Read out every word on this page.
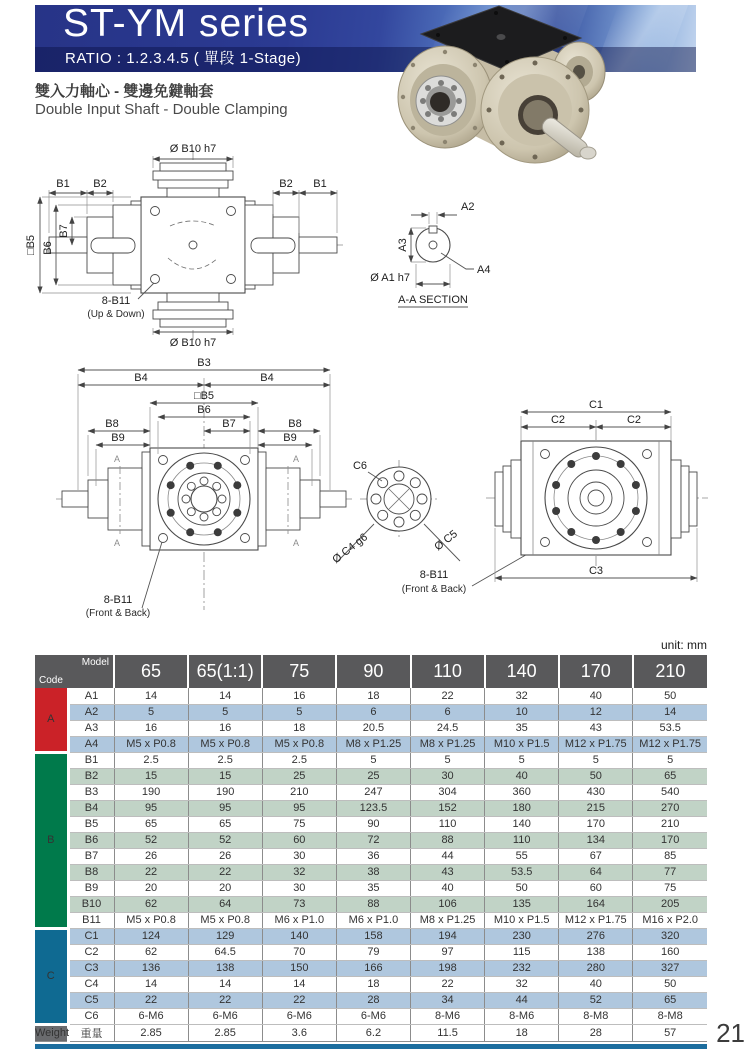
ST-YM series
RATIO : 1.2.3.4.5 ( 單段 1-Stage)
雙入力軸心 - 雙邊免鍵軸套
Double Input Shaft - Double Clamping
Ø B10 h7
Ø B10 h7
B1 B2	B2 B1
□B5 B6
B7
8-B11
(Up & Down)
A2
A3
A4
Ø A1 h7
A-A SECTION
A
A
A
A
B3
B4	B4
□B5
B6
B7
B8	B8
B9	B9
8-B11
(Front & Back)
C6
Ø C4 g6	Ø C5
8-B11
(Front & Back)
C1
C2	C2
C3
unit: mm
Model
Code		65	65(1:1)	75	90	110	140	170	210
A	A1	14	14	16	18	22	32	40	50
	A2	5	5	5	6	6	10	12	14
	A3	16	16	18	20.5	24.5	35	43	53.5
	A4	M5 x P0.8	M5 x P0.8	M5 x P0.8	M8 x P1.25	M8 x P1.25	M10 x P1.5	M12 x P1.75	M12 x P1.75
B	B1	2.5	2.5	2.5	5	5	5	5	5
	B2	15	15	25	25	30	40	50	65
	B3	190	190	210	247	304	360	430	540
	B4	95	95	95	123.5	152	180	215	270
	B5	65	65	75	90	110	140	170	210
	B6	52	52	60	72	88	110	134	170
	B7	26	26	30	36	44	55	67	85
	B8	22	22	32	38	43	53.5	64	77
	B9	20	20	30	35	40	50	60	75
	B10	62	64	73	88	106	135	164	205
	B11	M5 x P0.8	M5 x P0.8	M6 x P1.0	M6 x P1.0	M8 x P1.25	M10 x P1.5	M12 x P1.75	M16 x P2.0
C	C1	124	129	140	158	194	230	276	320
	C2	62	64.5	70	79	97	115	138	160
	C3	136	138	150	166	198	232	280	327
	C4	14	14	14	18	22	32	40	50
	C5	22	22	22	28	34	44	52	65
	C6	6-M6	6-M6	6-M6	6-M6	8-M6	8-M6	8-M8	8-M8
Weight	重量	2.85	2.85	3.6	6.2	11.5	18	28	57 21
